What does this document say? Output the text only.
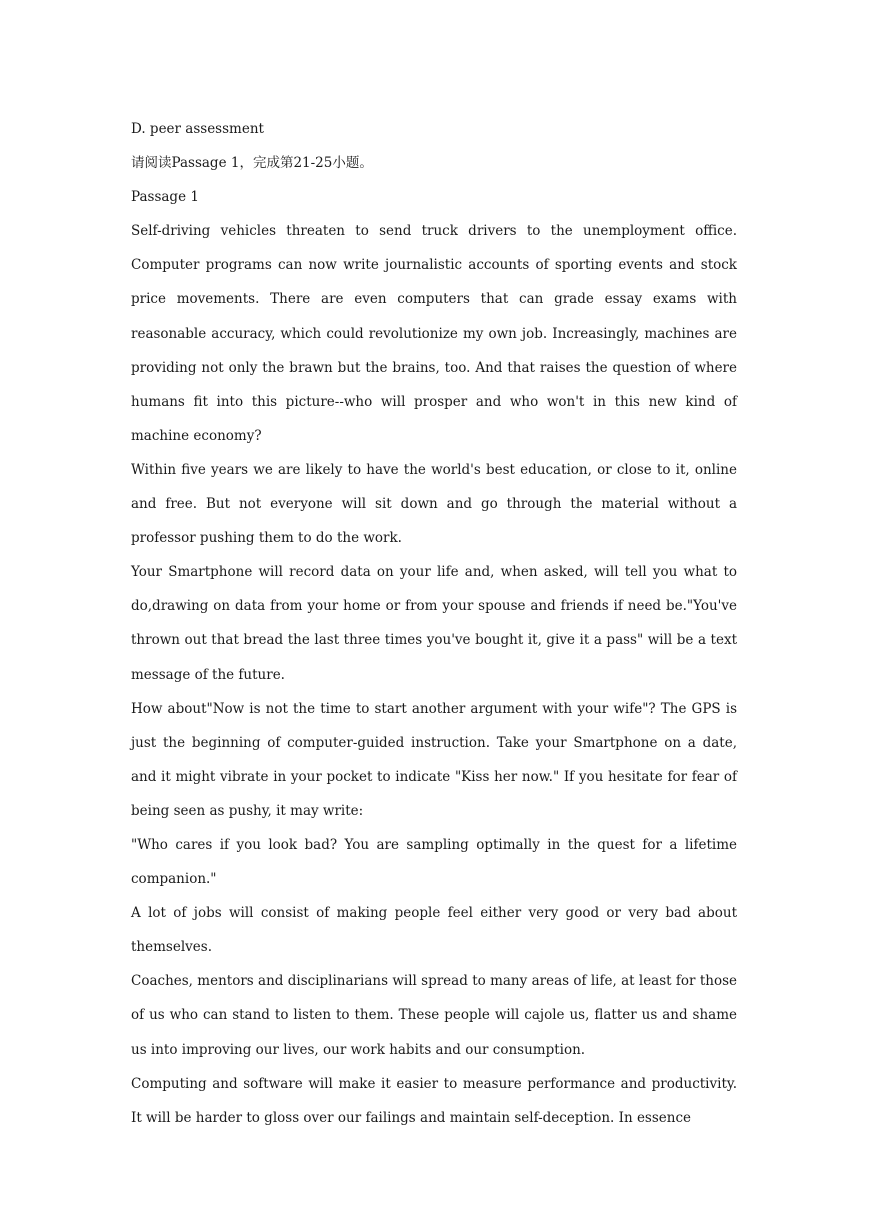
D. peer assessment

请阅读Passage 1，完成第21-25小题。

Passage 1

Self-driving vehicles threaten to send truck drivers to the unemployment office. Computer programs can now write journalistic accounts of sporting events and stock price movements. There are even computers that can grade essay exams with reasonable accuracy, which could revolutionize my own job. Increasingly, machines are providing not only the brawn but the brains, too. And that raises the question of where humans fit into this picture--who will prosper and who won't in this new kind of machine economy?

Within five years we are likely to have the world's best education, or close to it, online and free. But not everyone will sit down and go through the material without a professor pushing them to do the work.

Your Smartphone will record data on your life and, when asked, will tell you what to do,drawing on data from your home or from your spouse and friends if need be."You've thrown out that bread the last three times you've bought it, give it a pass" will be a text message of the future.

How about"Now is not the time to start another argument with your wife"? The GPS is just the beginning of computer-guided instruction. Take your Smartphone on a date, and it might vibrate in your pocket to indicate "Kiss her now." If you hesitate for fear of being seen as pushy, it may write:

"Who cares if you look bad? You are sampling optimally in the quest for a lifetime companion."

A lot of jobs will consist of making people feel either very good or very bad about themselves.

Coaches, mentors and disciplinarians will spread to many areas of life, at least for those of us who can stand to listen to them. These people will cajole us, flatter us and shame us into improving our lives, our work habits and our consumption.

Computing and software will make it easier to measure performance and productivity. It will be harder to gloss over our failings and maintain self-deception. In essence
